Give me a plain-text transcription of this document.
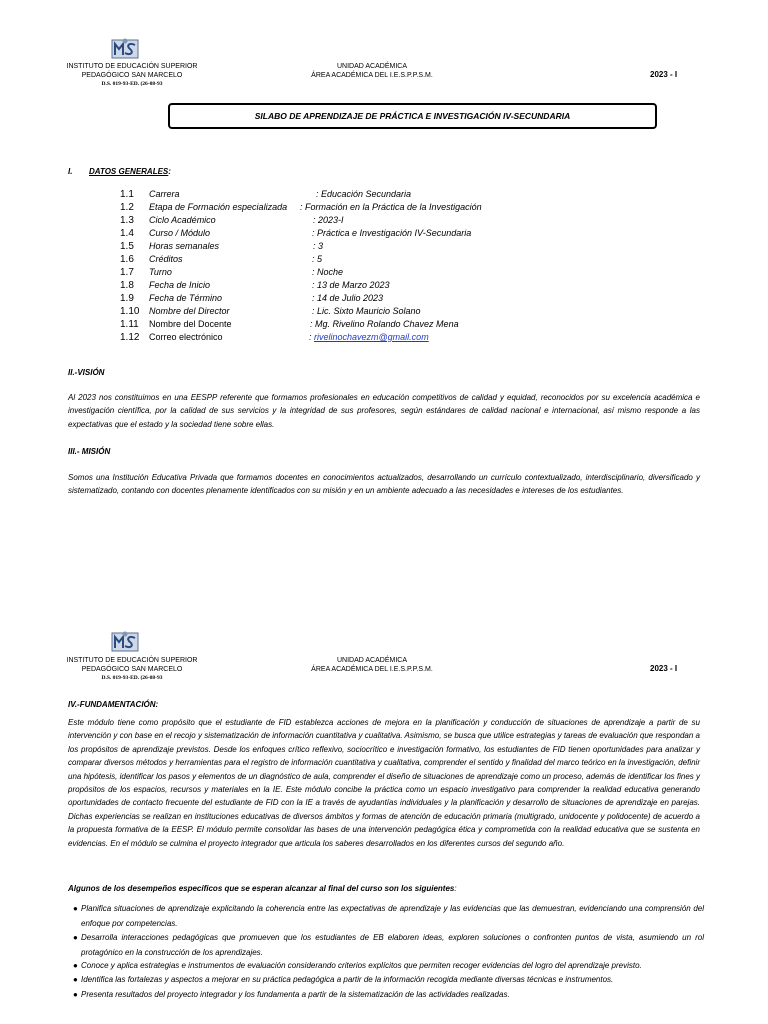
INSTITUTO DE EDUCACIÓN SUPERIOR
PEDAGÓGICO SAN MARCELO
D.S. 019-93-ED. (26-08-93
UNIDAD ACADÉMICA
ÁREA ACADÉMICA DEL I.E.S.P.P.S.M.	2023 - I
SILABO DE APRENDIZAJE DE PRÁCTICA E INVESTIGACIÓN IV-SECUNDARIA
I. DATOS GENERALES:
1.1 Carrera	: Educación Secundaria
1.2 Etapa de Formación especializada : Formación en la Práctica de la Investigación
1.3 Ciclo Académico	: 2023-I
1.4 Curso / Módulo	: Práctica e Investigación IV-Secundaria
1.5 Horas semanales	: 3
1.6 Créditos	: 5
1.7 Turno	: Noche
1.8 Fecha de Inicio	: 13 de Marzo 2023
1.9 Fecha de Término	: 14 de Julio 2023
1.10 Nombre del Director	: Lic. Sixto Mauricio Solano
1.11 Nombre del Docente	: Mg. Rivelino Rolando Chavez Mena
1.12 Correo electrónico	: rivelinochavezm@gmail.com
II.-VISIÓN
Al 2023 nos constituimos en una EESPP referente que formamos profesionales en educación competitivos de calidad y equidad, reconocidos por su excelencia académica e investigación científica, por la calidad de sus servicios y la integridad de sus profesores, según estándares de calidad nacional e internacional, así mismo responde a las expectativas que el estado y la sociedad tiene sobre ellas.
III.- MISIÓN
Somos una Institución Educativa Privada que formamos docentes en conocimientos actualizados, desarrollando un currículo contextualizado, interdisciplinario, diversificado y sistematizado, contando con docentes plenamente identificados con su misión y en un ambiente adecuado a las necesidades e intereses de los estudiantes.
INSTITUTO DE EDUCACIÓN SUPERIOR
PEDAGÓGICO SAN MARCELO
D.S. 019-93-ED. (26-08-93
UNIDAD ACADÉMICA
ÁREA ACADÉMICA DEL I.E.S.P.P.S.M.	2023 - I
IV.-FUNDAMENTACIÓN:
Este módulo tiene como propósito que el estudiante de FID establezca acciones de mejora en la planificación y conducción de situaciones de aprendizaje a partir de su intervención y con base en el recojo y sistematización de información cuantitativa y cualitativa. Asimismo, se busca que utilice estrategias y tareas de evaluación que respondan a los propósitos de aprendizaje previstos. Desde los enfoques crítico reflexivo, sociocrítico e investigación formativo, los estudiantes de FID tienen oportunidades para analizar y comparar diversos métodos y herramientas para el registro de información cuantitativa y cualitativa, comprender el sentido y finalidad del marco teórico en la investigación, definir una hipótesis, identificar los pasos y elementos de un diagnóstico de aula, comprender el diseño de situaciones de aprendizaje como un proceso, además de identificar los fines y propósitos de los espacios, recursos y materiales en la IE. Este módulo concibe la práctica como un espacio investigativo para comprender la realidad educativa generando oportunidades de contacto frecuente del estudiante de FID con la IE a través de ayudantías individuales y la planificación y desarrollo de situaciones de aprendizaje en parejas. Dichas experiencias se realizan en instituciones educativas de diversos ámbitos y formas de atención de educación primaria (multigrado, unidocente y polidocente) de acuerdo a la propuesta formativa de la EESP. El módulo permite consolidar las bases de una intervención pedagógica ética y comprometida con la realidad educativa que se sustenta en evidencias. En el módulo se culmina el proyecto integrador que articula los saberes desarrollados en los diferentes cursos del segundo año.
Algunos de los desempeños específicos que se esperan alcanzar al final del curso son los siguientes:
● Planifica situaciones de aprendizaje explicitando la coherencia entre las expectativas de aprendizaje y las evidencias que las demuestran, evidenciando una comprensión del enfoque por competencias.
● Desarrolla interacciones pedagógicas que promueven que los estudiantes de EB elaboren ideas, exploren soluciones o confronten puntos de vista, asumiendo un rol protagónico en la construcción de los aprendizajes.
● Conoce y aplica estrategias e instrumentos de evaluación considerando criterios explícitos que permiten recoger evidencias del logro del aprendizaje previsto.
● Identifica las fortalezas y aspectos a mejorar en su práctica pedagógica a partir de la información recogida mediante diversas técnicas e instrumentos.
● Presenta resultados del proyecto integrador y los fundamenta a partir de la sistematización de las actividades realizadas.
